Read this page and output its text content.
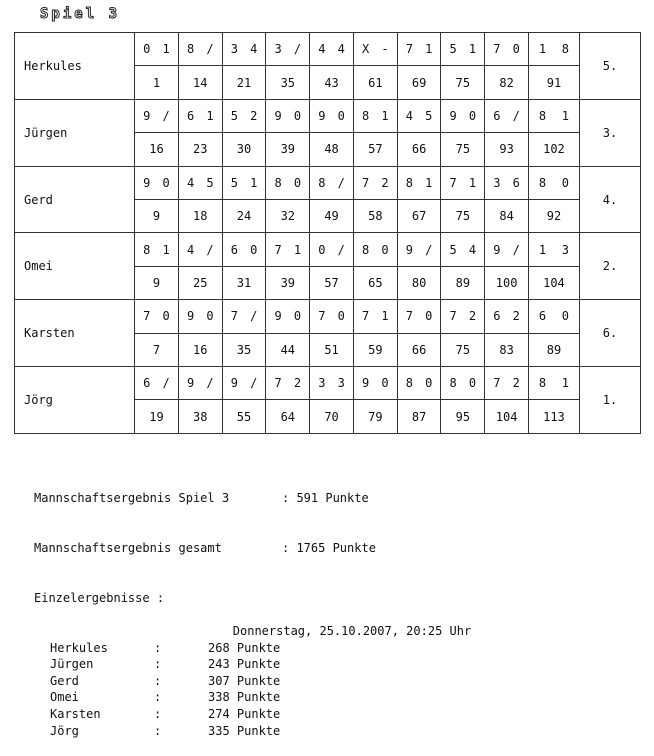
Spiel 3
Herkules	0 1	8 /	3 4	3 /	4 4	X -	7 1	5 1	7 0	1 8	5.
	1	14	21	35	43	61	69	75	82	91	
Jürgen	9 /	6 1	5 2	9 0	9 0	8 1	4 5	9 0	6 /	8 1	3.
	16	23	30	39	48	57	66	75	93	102	
Gerd	9 0	4 5	5 1	8 0	8 /	7 2	8 1	7 1	3 6	8 0	4.
	9	18	24	32	49	58	67	75	84	92	
Omei	8 1	4 /	6 0	7 1	0 /	8 0	9 /	5 4	9 /	1 3	2.
	9	25	31	39	57	65	80	89	100	104	
Karsten	7 0	9 0	7 /	9 0	7 0	7 1	7 0	7 2	6 2	6 0	6.
	7	16	35	44	51	59	66	75	83	89	
Jörg	6 /	9 /	9 /	7 2	3 3	9 0	8 0	8 0	7 2	8 1	1.
	19	38	55	64	70	79	87	95	104	113	

Mannschaftsergebnis Spiel 3	: 591 Punkte

Mannschaftsergebnis gesamt	: 1765 Punkte

Einzelergebnisse :

Herkules	:	268 Punkte
Jürgen	:	243 Punkte
Gerd	:	307 Punkte
Omei	:	338 Punkte
Karsten	:	274 Punkte
Jörg	:	335 Punkte

Donnerstag, 25.10.2007, 20:25 Uhr
